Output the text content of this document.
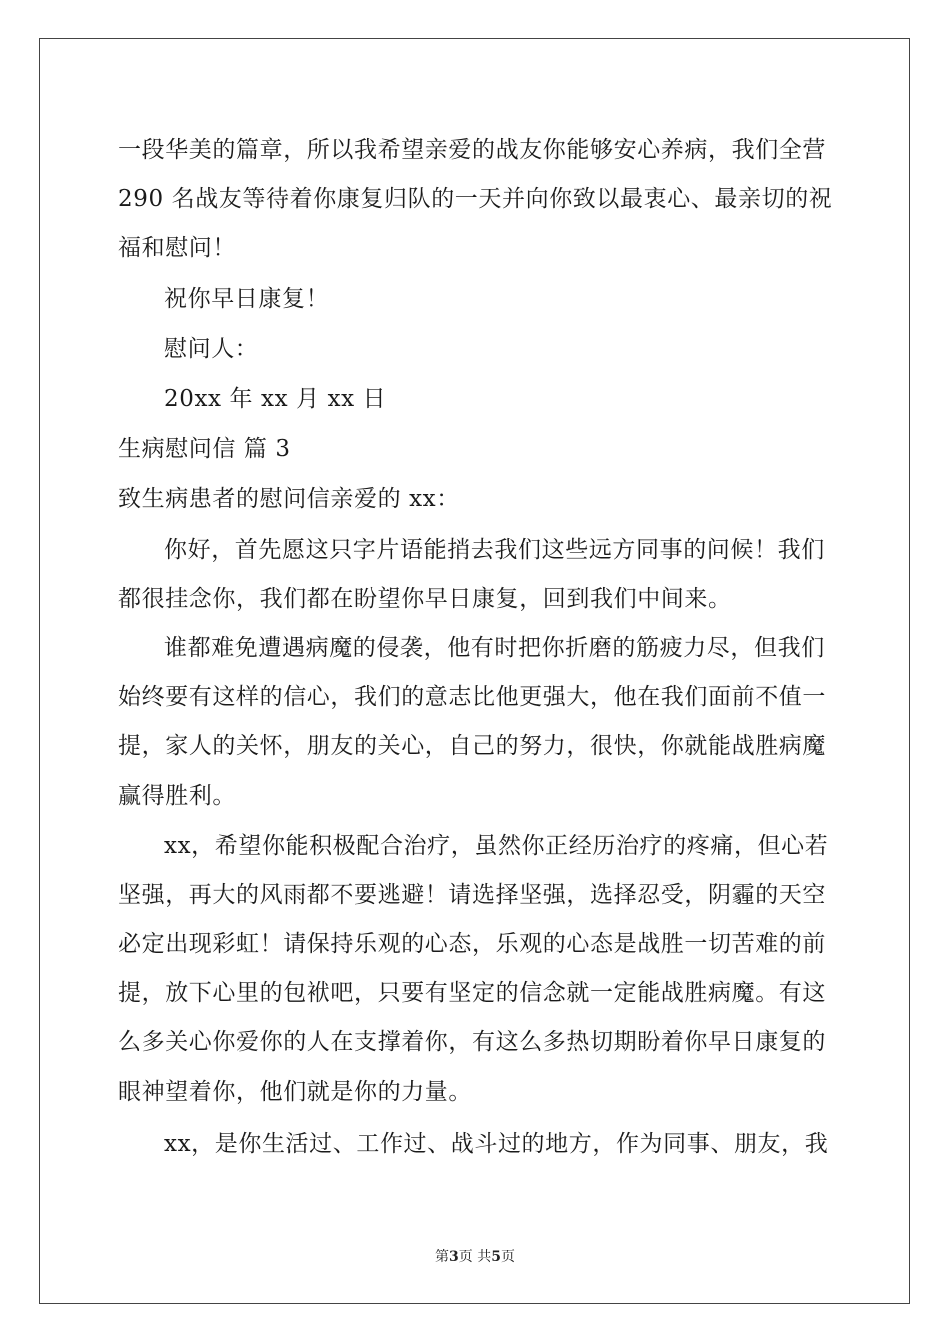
一段华美的篇章，所以我希望亲爱的战友你能够安心养病，我们全营
290 名战友等待着你康复归队的一天并向你致以最衷心、最亲切的祝
福和慰问！
祝你早日康复！
慰问人：
20xx 年 xx 月 xx 日
生病慰问信 篇 3
致生病患者的慰问信亲爱的 xx：
你好，首先愿这只字片语能捎去我们这些远方同事的问候！我们
都很挂念你，我们都在盼望你早日康复，回到我们中间来。
谁都难免遭遇病魔的侵袭，他有时把你折磨的筋疲力尽，但我们
始终要有这样的信心，我们的意志比他更强大，他在我们面前不值一
提，家人的关怀，朋友的关心，自己的努力，很快，你就能战胜病魔
赢得胜利。
xx，希望你能积极配合治疗，虽然你正经历治疗的疼痛，但心若
坚强，再大的风雨都不要逃避！请选择坚强，选择忍受，阴霾的天空
必定出现彩虹！请保持乐观的心态，乐观的心态是战胜一切苦难的前
提，放下心里的包袱吧，只要有坚定的信念就一定能战胜病魔。有这
么多关心你爱你的人在支撑着你，有这么多热切期盼着你早日康复的
眼神望着你，他们就是你的力量。
xx，是你生活过、工作过、战斗过的地方，作为同事、朋友，我
第3页 共5页
